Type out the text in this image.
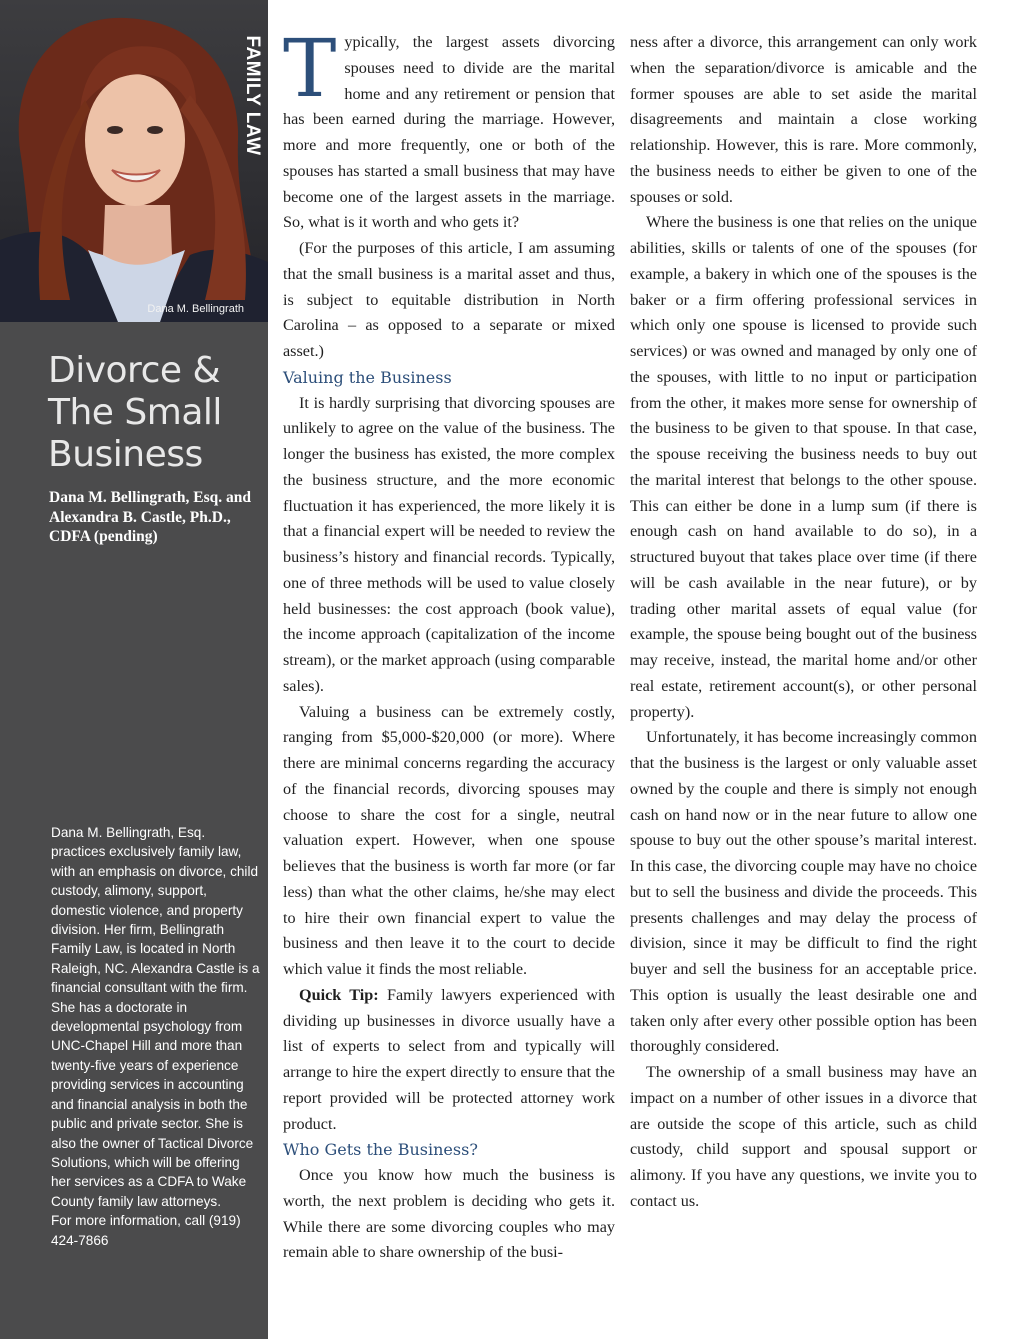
Dana M. Bellingrath
FAMILY LAW
Divorce &
The Small
Business

Dana M. Bellingrath, Esq. and Alexandra B. Castle, Ph.D., CDFA (pending)

Dana M. Bellingrath, Esq. practices exclusively family law, with an emphasis on divorce, child custody, alimony, support, domestic violence, and property division. Her firm, Bellingrath Family Law, is located in North Raleigh, NC. Alexandra Castle is a financial consultant with the firm. She has a doctorate in developmental psychology from UNC-Chapel Hill and more than twenty-five years of experience providing services in accounting and financial analysis in both the public and private sector. She is also the owner of Tactical Divorce Solutions, which will be offering her services as a CDFA to Wake County family law attorneys.
For more information, call (919) 424-7866

Typically, the largest assets divorcing spouses need to divide are the marital home and any retirement or pension that has been earned during the marriage. However, more and more frequently, one or both of the spouses has started a small business that may have become one of the largest assets in the marriage. So, what is it worth and who gets it?

(For the purposes of this article, I am assuming that the small business is a marital asset and thus, is subject to equitable distribution in North Carolina – as opposed to a separate or mixed asset.)

Valuing the Business

It is hardly surprising that divorcing spouses are unlikely to agree on the value of the business. The longer the business has existed, the more complex the business structure, and the more economic fluctuation it has experienced, the more likely it is that a financial expert will be needed to review the business’s history and financial records. Typically, one of three methods will be used to value closely held businesses: the cost approach (book value), the income approach (capitalization of the income stream), or the market approach (using comparable sales).

Valuing a business can be extremely costly, ranging from $5,000-$20,000 (or more). Where there are minimal concerns regarding the accuracy of the financial records, divorcing spouses may choose to share the cost for a single, neutral valuation expert. However, when one spouse believes that the business is worth far more (or far less) than what the other claims, he/she may elect to hire their own financial expert to value the business and then leave it to the court to decide which value it finds the most reliable.

Quick Tip: Family lawyers experienced with dividing up businesses in divorce usually have a list of experts to select from and typically will arrange to hire the expert directly to ensure that the report provided will be protected attorney work product.

Who Gets the Business?

Once you know how much the business is worth, the next problem is deciding who gets it. While there are some divorcing couples who may remain able to share ownership of the busi-

ness after a divorce, this arrangement can only work when the separation/divorce is amicable and the former spouses are able to set aside the marital disagreements and maintain a close working relationship. However, this is rare. More commonly, the business needs to either be given to one of the spouses or sold.

Where the business is one that relies on the unique abilities, skills or talents of one of the spouses (for example, a bakery in which one of the spouses is the baker or a firm offering professional services in which only one spouse is licensed to provide such services) or was owned and managed by only one of the spouses, with little to no input or participation from the other, it makes more sense for ownership of the business to be given to that spouse. In that case, the spouse receiving the business needs to buy out the marital interest that belongs to the other spouse. This can either be done in a lump sum (if there is enough cash on hand available to do so), in a structured buyout that takes place over time (if there will be cash available in the near future), or by trading other marital assets of equal value (for example, the spouse being bought out of the business may receive, instead, the marital home and/or other real estate, retirement account(s), or other personal property).

Unfortunately, it has become increasingly common that the business is the largest or only valuable asset owned by the couple and there is simply not enough cash on hand now or in the near future to allow one spouse to buy out the other spouse’s marital interest. In this case, the divorcing couple may have no choice but to sell the business and divide the proceeds. This presents challenges and may delay the process of division, since it may be difficult to find the right buyer and sell the business for an acceptable price. This option is usually the least desirable one and taken only after every other possible option has been thoroughly considered.

The ownership of a small business may have an impact on a number of other issues in a divorce that are outside the scope of this article, such as child custody, child support and spousal support or alimony. If you have any questions, we invite you to contact us.
